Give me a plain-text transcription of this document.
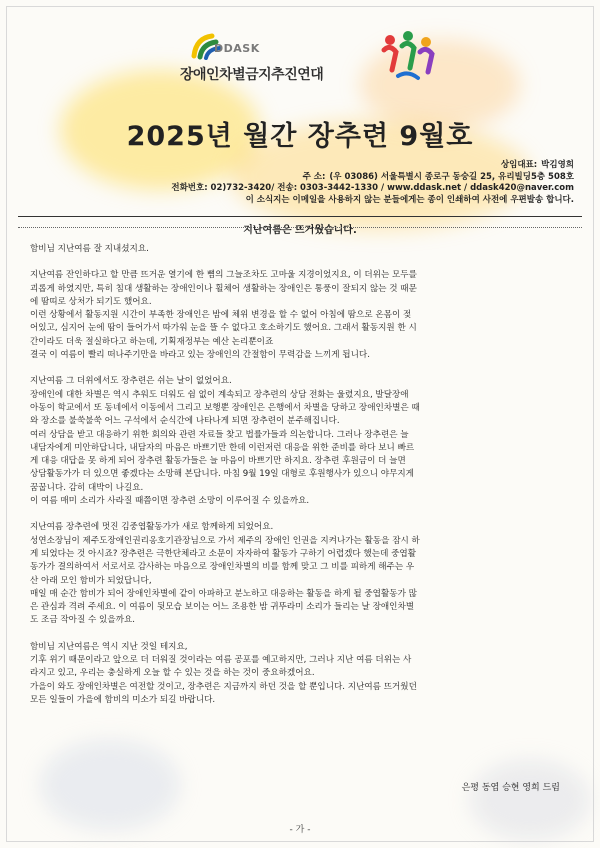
DDASK
장애인차별금지추진연대
2025년 월간 장추련 9월호
상임대표: 박김영희
주 소: (우 03086) 서울특별시 종로구 동숭길 25, 유리빌딩5층 508호
전화번호: 02)732-3420/ 전송: 0303-3442-1330 / www.ddask.net / ddask420@naver.com
이 소식지는 이메일을 사용하지 않는 분들에게는 종이 인쇄하여 사전에 우편발송 합니다.
지난여름은 뜨거웠습니다.

함비님 지난여름 잘 지내셨지요.

지난여름 잔인하다고 할 만큼 뜨거운 열기에 한 뼘의 그늘조차도 고마울 지경이었지요, 이 더위는 모두를

괴롭게 하였지만, 특히 침대 생활하는 장애인이나 휠체어 생활하는 장애인은 통풍이 잘되지 않는 것 때문

에 땀띠로 상처가 되기도 했어요.

이런 상황에서 활동지원 시간이 부족한 장애인은 밤에 체위 변경을 할 수 없어 아침에 땀으로 온몸이 젖

어있고, 심지어 눈에 땀이 들어가서 따가워 눈을 뜰 수 없다고 호소하기도 했어요. 그래서 활동지원 한 시

간이라도 더욱 절실하다고 하는데, 기획재정부는 예산 논리뿐이죠

결국 이 여름이 빨리 떠나주기만을 바라고 있는 장애인의 간절함이 무력감을 느끼게 됩니다.

지난여름 그 더위에서도 장추련은 쉬는 날이 없었어요.

장애인에 대한 차별은 역시 추워도 더워도 쉼 없이 계속되고 장추련의 상담 전화는 울렸지요, 발달장애

아동이 학교에서 또 동네에서 이동에서 그리고 보행뿐 장애인은 은행에서 차별을 당하고 장애인차별은 때

와 장소를 불쑥불쑥 어느 구석에서 순식간에 나타나게 되면 장추련이 분주해집니다.

여러 상담을 받고 대응하기 위한 회의와 관련 자료들 찾고 법률가들과 의논합니다. 그러나 장추련은 늘

내담자에게 미안하답니다, 내담자의 마음은 바쁘기만 한데 이런저런 대응을 위한 준비를 하다 보니 빠르

게 대응 대답을 못 하게 되어 장추련 활동가들은 늘 마음이 바쁘기만 하지요. 장추련 후원금이 더 늘면

상담활동가가 더 있으면 좋겠다는 소망해 본답니다. 마침 9월 19일 대형로 후원행사가 있으니 야무지게

꿈꿉니다. 감히 대박이 나길요.

이 여름 매미 소리가 사라질 때쯤이면 장추련 소망이 이루어질 수 있을까요.

지난여름 장추련에 멋진 김중엽활동가가 새로 함께하게 되었어요.

성연소장님이 제주도장애인권리옹호기관장님으로 가서 제주의 장애인 인권을 지켜나가는 활동을 잠시 하

게 되었다는 것 아시죠? 장추련은 극한단체라고 소문이 자자하여 활동가 구하기 어렵겠다 했는데 중엽활

동가가 결의하여서 서로서로 감사하는 마음으로 장애인차별의 비를 함께 맞고 그 비를 피하게 해주는 우

산 아래 모인 함비가 되었답니다,

매일 매 순간 함비가 되어 장애인차별에 같이 아파하고 분노하고 대응하는 활동을 하게 될 중엽활동가 많

은 관심과 격려 주세요. 이 여름이 뒷모습 보이는 어느 조용한 밤 귀뚜라미 소리가 들리는 날 장애인차별

도 조금 작아질 수 있을까요.

함비님 지난여름은 역시 지난 것일 테지요,

기후 위기 때문이라고 앞으로 더 더워질 것이라는 여름 공포를 예고하지만, 그러나 지난 여름 더위는 사

라지고 있고, 우리는 충실하게 오늘 할 수 있는 것을 하는 것이 중요하겠어요.

가을이 와도 장애인차별은 여전할 것이고, 장추련은 지금까지 하던 것을 할 뿐입니다. 지난여름 뜨거웠던

모든 일들이 가을에 함비의 미소가 되길 바랍니다.

은평 동엽 승현 영희 드림
- 가 -
